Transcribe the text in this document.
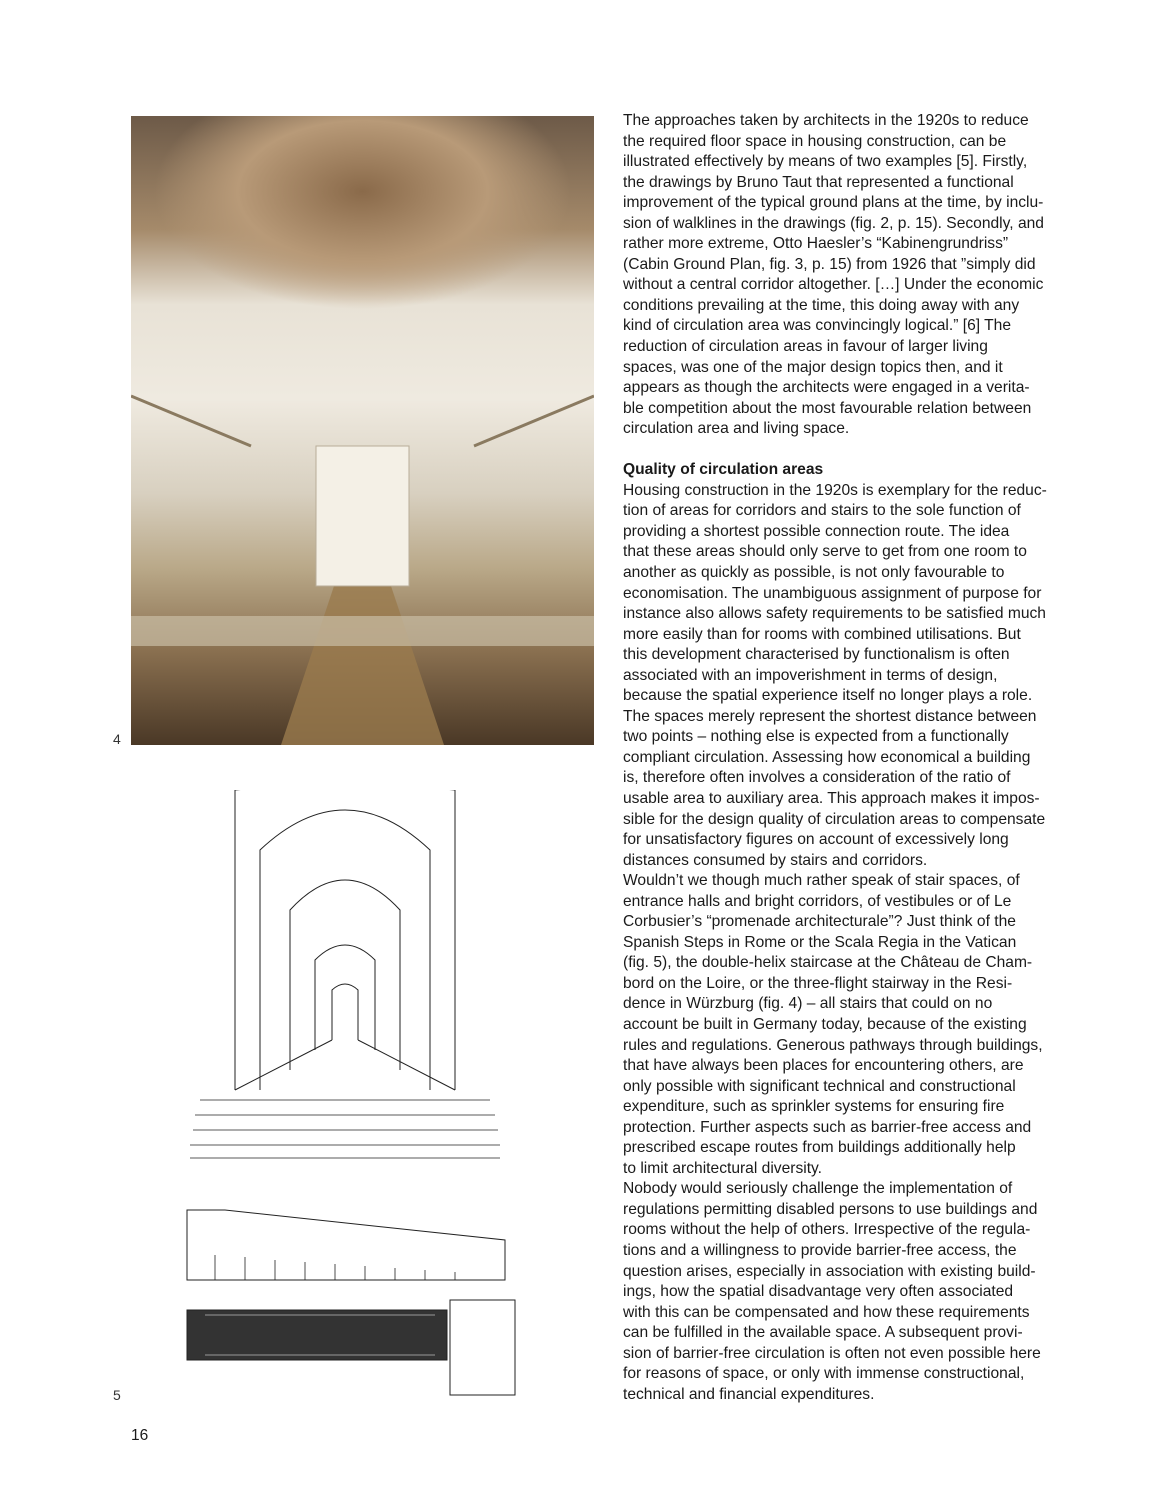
4
5
The approaches taken by architects in the 1920s to reduce
the required floor space in housing construction, can be
illustrated effectively by means of two examples [5]. Firstly,
the drawings by Bruno Taut that represented a functional
improvement of the typical ground plans at the time, by inclu-
sion of walklines in the drawings (fig. 2, p. 15). Secondly, and
rather more extreme, Otto Haesler’s “Kabinengrundriss”
(Cabin Ground Plan, fig. 3, p. 15) from 1926 that ”simply did
without a central corridor altogether. […] Under the economic
conditions prevailing at the time, this doing away with any
kind of circulation area was convincingly logical.” [6] The
reduction of circulation areas in favour of larger living
spaces, was one of the major design topics then, and it
appears as though the architects were engaged in a verita-
ble competition about the most favourable relation between
circulation area and living space.
Quality of circulation areas
Housing construction in the 1920s is exemplary for the reduc-
tion of areas for corridors and stairs to the sole function of
providing a shortest possible connection route. The idea
that these areas should only serve to get from one room to
another as quickly as possible, is not only favourable to
economisation. The unambiguous assignment of purpose for
instance also allows safety requirements to be satisfied much
more easily than for rooms with combined utilisations. But
this development characterised by functionalism is often
associated with an impoverishment in terms of design,
because the spatial experience itself no longer plays a role.
The spaces merely represent the shortest distance between
two points – nothing else is expected from a functionally
compliant circulation. Assessing how economical a building
is, therefore often involves a consideration of the ratio of
usable area to auxiliary area. This approach makes it impos-
sible for the design quality of circulation areas to compensate
for unsatisfactory figures on account of excessively long
distances consumed by stairs and corridors.
Wouldn’t we though much rather speak of stair spaces, of
entrance halls and bright corridors, of vestibules or of Le
Corbusier’s “promenade architecturale”? Just think of the
Spanish Steps in Rome or the Scala Regia in the Vatican
(fig. 5), the double-helix staircase at the Château de Cham-
bord on the Loire, or the three-flight stairway in the Resi-
dence in Würzburg (fig. 4) – all stairs that could on no
account be built in Germany today, because of the existing
rules and regulations. Generous pathways through buildings,
that have always been places for encountering others, are
only possible with significant technical and constructional
expenditure, such as sprinkler systems for ensuring fire
protection. Further aspects such as barrier-free access and
prescribed escape routes from buildings additionally help
to limit architectural diversity.
Nobody would seriously challenge the implementation of
regulations permitting disabled persons to use buildings and
rooms without the help of others. Irrespective of the regula-
tions and a willingness to provide barrier-free access, the
question arises, especially in association with existing build-
ings, how the spatial disadvantage very often associated
with this can be compensated and how these requirements
can be fulfilled in the available space. A subsequent provi-
sion of barrier-free circulation is often not even possible here
for reasons of space, or only with immense constructional,
technical and financial expenditures.
16
